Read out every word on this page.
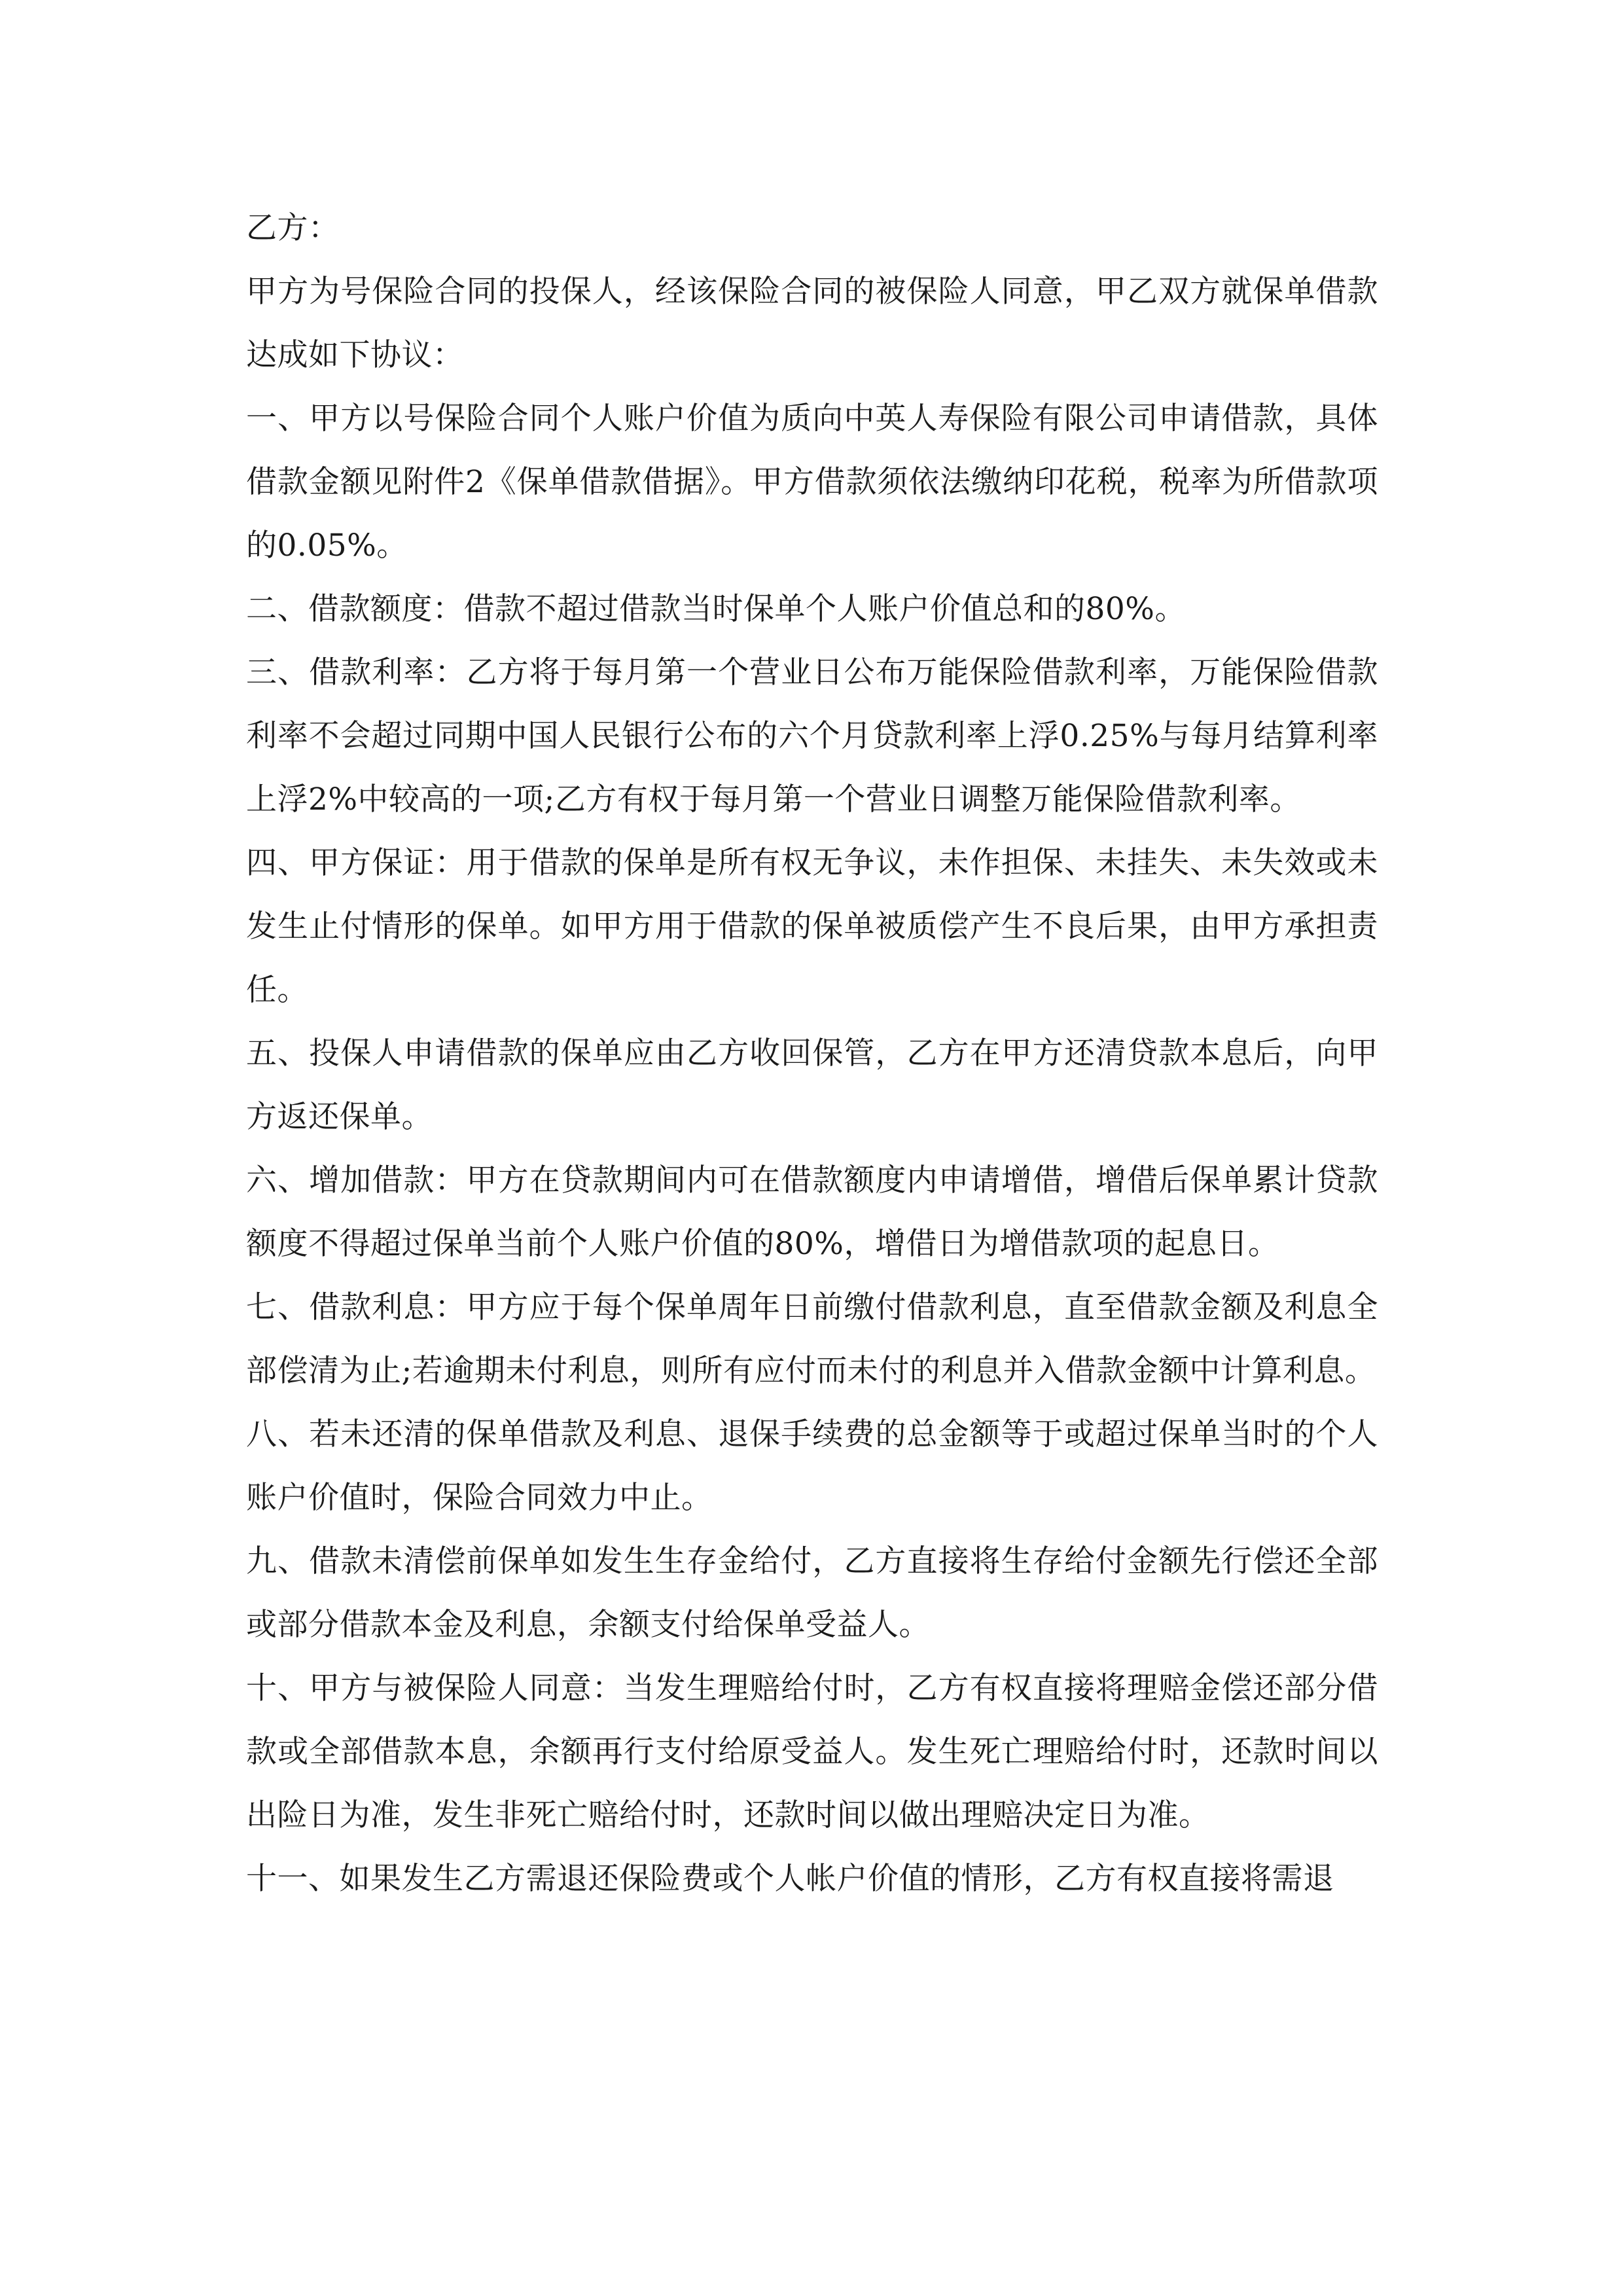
乙方：

甲方为号保险合同的投保人，经该保险合同的被保险人同意，甲乙双方就保单借款达成如下协议：

一、甲方以号保险合同个人账户价值为质向中英人寿保险有限公司申请借款，具体借款金额见附件2《保单借款借据》。甲方借款须依法缴纳印花税，税率为所借款项的0.05%。

二、借款额度：借款不超过借款当时保单个人账户价值总和的80%。

三、借款利率：乙方将于每月第一个营业日公布万能保险借款利率，万能保险借款利率不会超过同期中国人民银行公布的六个月贷款利率上浮0.25%与每月结算利率上浮2%中较高的一项;乙方有权于每月第一个营业日调整万能保险借款利率。

四、甲方保证：用于借款的保单是所有权无争议，未作担保、未挂失、未失效或未发生止付情形的保单。如甲方用于借款的保单被质偿产生不良后果，由甲方承担责任。

五、投保人申请借款的保单应由乙方收回保管，乙方在甲方还清贷款本息后，向甲方返还保单。

六、增加借款：甲方在贷款期间内可在借款额度内申请增借，增借后保单累计贷款额度不得超过保单当前个人账户价值的80%，增借日为增借款项的起息日。

七、借款利息：甲方应于每个保单周年日前缴付借款利息，直至借款金额及利息全部偿清为止;若逾期未付利息，则所有应付而未付的利息并入借款金额中计算利息。

八、若未还清的保单借款及利息、退保手续费的总金额等于或超过保单当时的个人账户价值时，保险合同效力中止。

九、借款未清偿前保单如发生生存金给付，乙方直接将生存给付金额先行偿还全部或部分借款本金及利息，余额支付给保单受益人。

十、甲方与被保险人同意：当发生理赔给付时，乙方有权直接将理赔金偿还部分借款或全部借款本息，余额再行支付给原受益人。发生死亡理赔给付时，还款时间以出险日为准，发生非死亡赔给付时，还款时间以做出理赔决定日为准。

十一、如果发生乙方需退还保险费或个人帐户价值的情形，乙方有权直接将需退
